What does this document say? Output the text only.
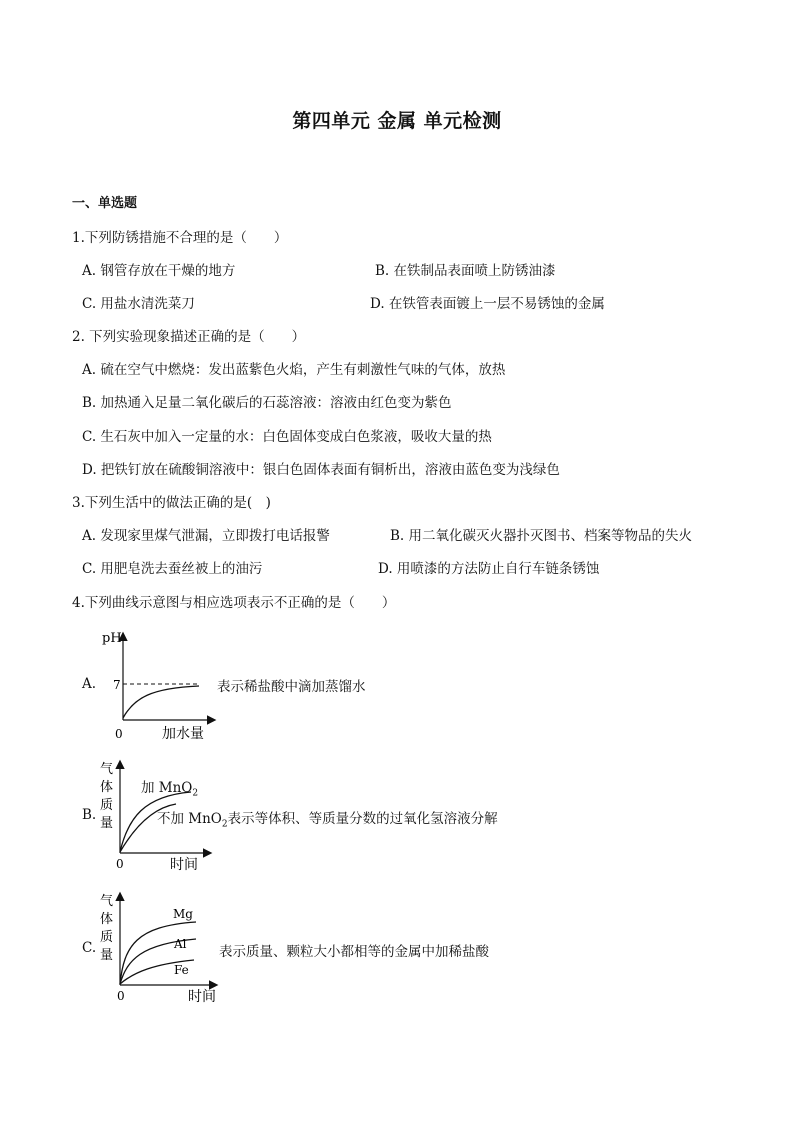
第四单元 金属 单元检测
一、单选题
1.下列防锈措施不合理的是（　　）
A. 钢管存放在干燥的地方	B. 在铁制品表面喷上防锈油漆
C. 用盐水清洗菜刀	D. 在铁管表面镀上一层不易锈蚀的金属
2. 下列实验现象描述正确的是（　　）
A. 硫在空气中燃烧：发出蓝紫色火焰，产生有刺激性气味的气体，放热
B. 加热通入足量二氧化碳后的石蕊溶液：溶液由红色变为紫色
C. 生石灰中加入一定量的水：白色固体变成白色浆液，吸收大量的热
D. 把铁钉放在硫酸铜溶液中：银白色固体表面有铜析出，溶液由蓝色变为浅绿色
3.下列生活中的做法正确的是(　)
A. 发现家里煤气泄漏，立即拨打电话报警	B. 用二氧化碳灭火器扑灭图书、档案等物品的失火
C. 用肥皂洗去蚕丝被上的油污	D. 用喷漆的方法防止自行车链条锈蚀
4.下列曲线示意图与相应选项表示不正确的是（　　）
A.
pH
7
0	加水量
表示稀盐酸中滴加蒸馏水
B.
气
体
质
量
0	时间
加 MnO$_2$
不加 MnO$_2$表示等体积、等质量分数的过氧化氢溶液分解
C.
气
体
质
量
Mg
Al
Fe
0	时间
表示质量、颗粒大小都相等的金属中加稀盐酸
